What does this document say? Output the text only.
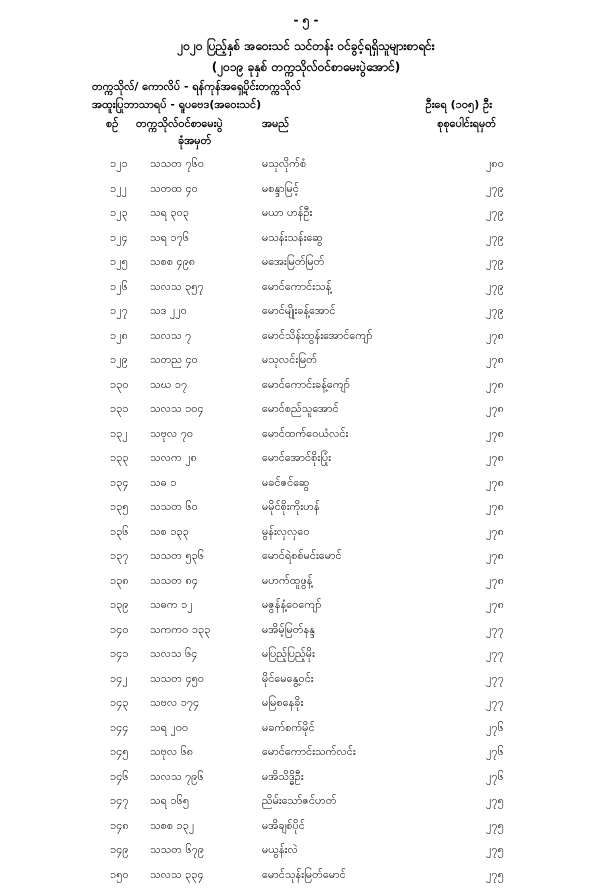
- ၅ -
၂၀၂၀ ပြည့်နှစ် အဝေးသင် သင်တန်း ဝင်ခွင့်ရရှိသူများစာရင်း
(၂၀၁၉ ခုနှစ် တက္ကသိုလ်ဝင်စာမေးပွဲအောင်)
တက္ကသိုလ်/ ကောလိပ် - ရန်ကုန်အရှေ့ပိုင်းတက္ကသိုလ်
အထူးပြုဘာသာရပ် - ရူပဗေဒ(အဝေးသင်)	ဦးရေ (၁၀၅) ဦး
စဉ် တက္ကသိုလ်ဝင်စာမေးပွဲ
ခုံအမှတ်
အမည်	စုစုပေါင်းရမှတ်
၁၂၁ သသတ ၇၆၀	မသုလိုက်စံ	၂၈၀
၁၂၂ သတထ ၄၀	မစန္ဒာမြင့်	၂၇၉
၁၂၃ သရ ၃၀၃	မယာ ဟန်ဦး	၂၇၉
၁၂၄ သရ ၁၇၆	မသန်းသန်းဆွေ	၂၇၉
၁၂၅ သစစ ၄၉၈	မအေးမြတ်မြတ်	၂၇၉
၁၂၆ သလသ ၃၅၇	မောင်ကောင်းသန့်	၂၇၉
၁၂၇ သဒ ၂၂၀	မောင်မျိုးခန့်အောင်	၂၇၉
၁၂၈ သလသ ၇	မောင်သိန်းထွန်းအောင်ကျော်	၂၇၈
၁၂၉ သတည ၄၀	မသုလင်းမြတ်	၂၇၈
၁၃၀ သဃ ၁၇	မောင်ကောင်းခန့်ကျော်	၂၇၈
၁၃၁ သလသ ၁၀၄	မောင်စည်သူအောင်	၂၇၈
၁၃၂ သဗုလ ၇၀	မောင်ထက်ဝေယံလင်း	၂၇၈
၁၃၃ သလက ၂၈	မောင်အောင်စိုးပြုံး	၂၇၈
၁၃၄ သဓ ၁	မခင်ဇင်ဆွေ	၂၇၈
၁၃၅ သသတ ၆၀	မမိုင်စိုးကိုးဟန်	၂၇၈
၁၃၆ သစ ၁၃၃	မွန်းလှလှဝေ	၂၇၈
၁၃၇ သသတ ၅၃၆	မောင်ရဲစစ်မင်းမောင်	၂၇၈
၁၃၈ သသတ ၈၄	မဟက်ထူဖွန့်	၂၇၈
၁၃၉ သဓက ၁၂	မဇွန်နံ့ဝေကျော်	၂၇၈
၁၄၀ သကကဝ ၁၃၃	မအိမ့်မြတ်နန္ဒ	၂၇၇
၁၄၁ သလသ ၆၄	မပြည့်ပြည့်မိုး	၂၇၇
၁၄၂ သသတ ၄၅၀	မိုင်မေနွေ့ဝင်း	၂၇၇
၁၄၃ သဗလ ၁၇၄	မမြစနေခိုး	၂၇၇
၁၄၄ သရ ၂၀၀	မခက်စက်မိုင်	၂၇၆
၁၄၅ သဗုလ ၆၈	မောင်ကောင်းသက်လင်း	၂၇၆
၁၄၆ သလသ ၇၉၆	မအိသိဒ္ဓိဦး	၂၇၆
၁၄၇ သရ ၁၆၅	ညိမ်းသော်ဇင်ဟတ်	၂၇၅
၁၄၈ သစစ ၁၃၂	မအိချစ်ပိုင်	၂၇၅
၁၄၉ သသတ ၆၇၉	မယွန်းလဲ	၂၇၅
၁၅၀ သလသ ၃၃၄	မောင်သုန်းမြတ်မောင်	၂၇၅
